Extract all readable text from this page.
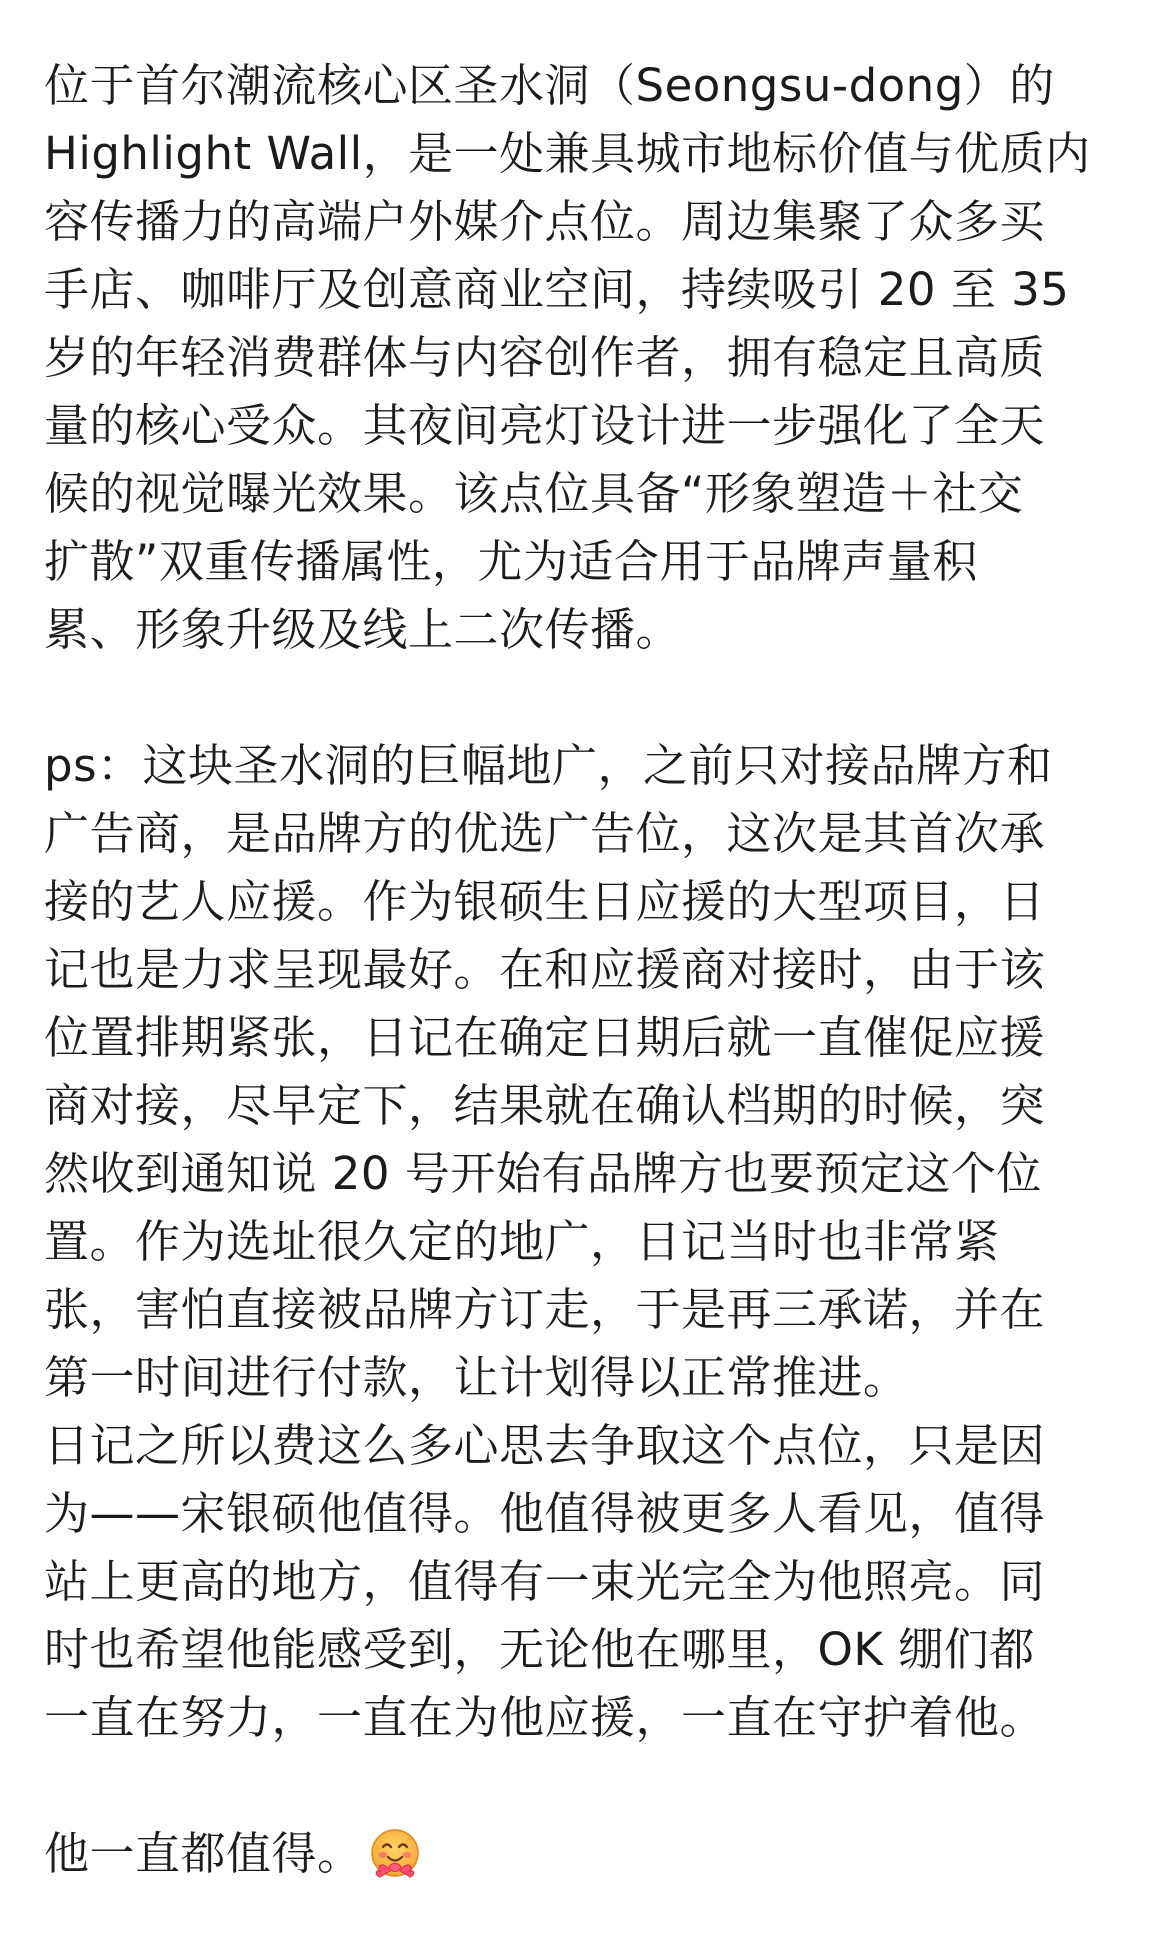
位于首尔潮流核心区圣水洞（Seongsu-dong）的
Highlight Wall，是一处兼具城市地标价值与优质内
容传播力的高端户外媒介点位。周边集聚了众多买
手店、咖啡厅及创意商业空间，持续吸引 20 至 35
岁的年轻消费群体与内容创作者，拥有稳定且高质
量的核心受众。其夜间亮灯设计进一步强化了全天
候的视觉曝光效果。该点位具备“形象塑造＋社交
扩散”双重传播属性，尤为适合用于品牌声量积
累、形象升级及线上二次传播。
ps：这块圣水洞的巨幅地广，之前只对接品牌方和
广告商，是品牌方的优选广告位，这次是其首次承
接的艺人应援。作为银硕生日应援的大型项目，日
记也是力求呈现最好。在和应援商对接时，由于该
位置排期紧张，日记在确定日期后就一直催促应援
商对接，尽早定下，结果就在确认档期的时候，突
然收到通知说 20 号开始有品牌方也要预定这个位
置。作为选址很久定的地广，日记当时也非常紧
张，害怕直接被品牌方订走，于是再三承诺，并在
第一时间进行付款，让计划得以正常推进。
日记之所以费这么多心思去争取这个点位，只是因
为——宋银硕他值得。他值得被更多人看见，值得
站上更高的地方，值得有一束光完全为他照亮。同
时也希望他能感受到，无论他在哪里，OK 绷们都
一直在努力，一直在为他应援，一直在守护着他。
他一直都值得。
